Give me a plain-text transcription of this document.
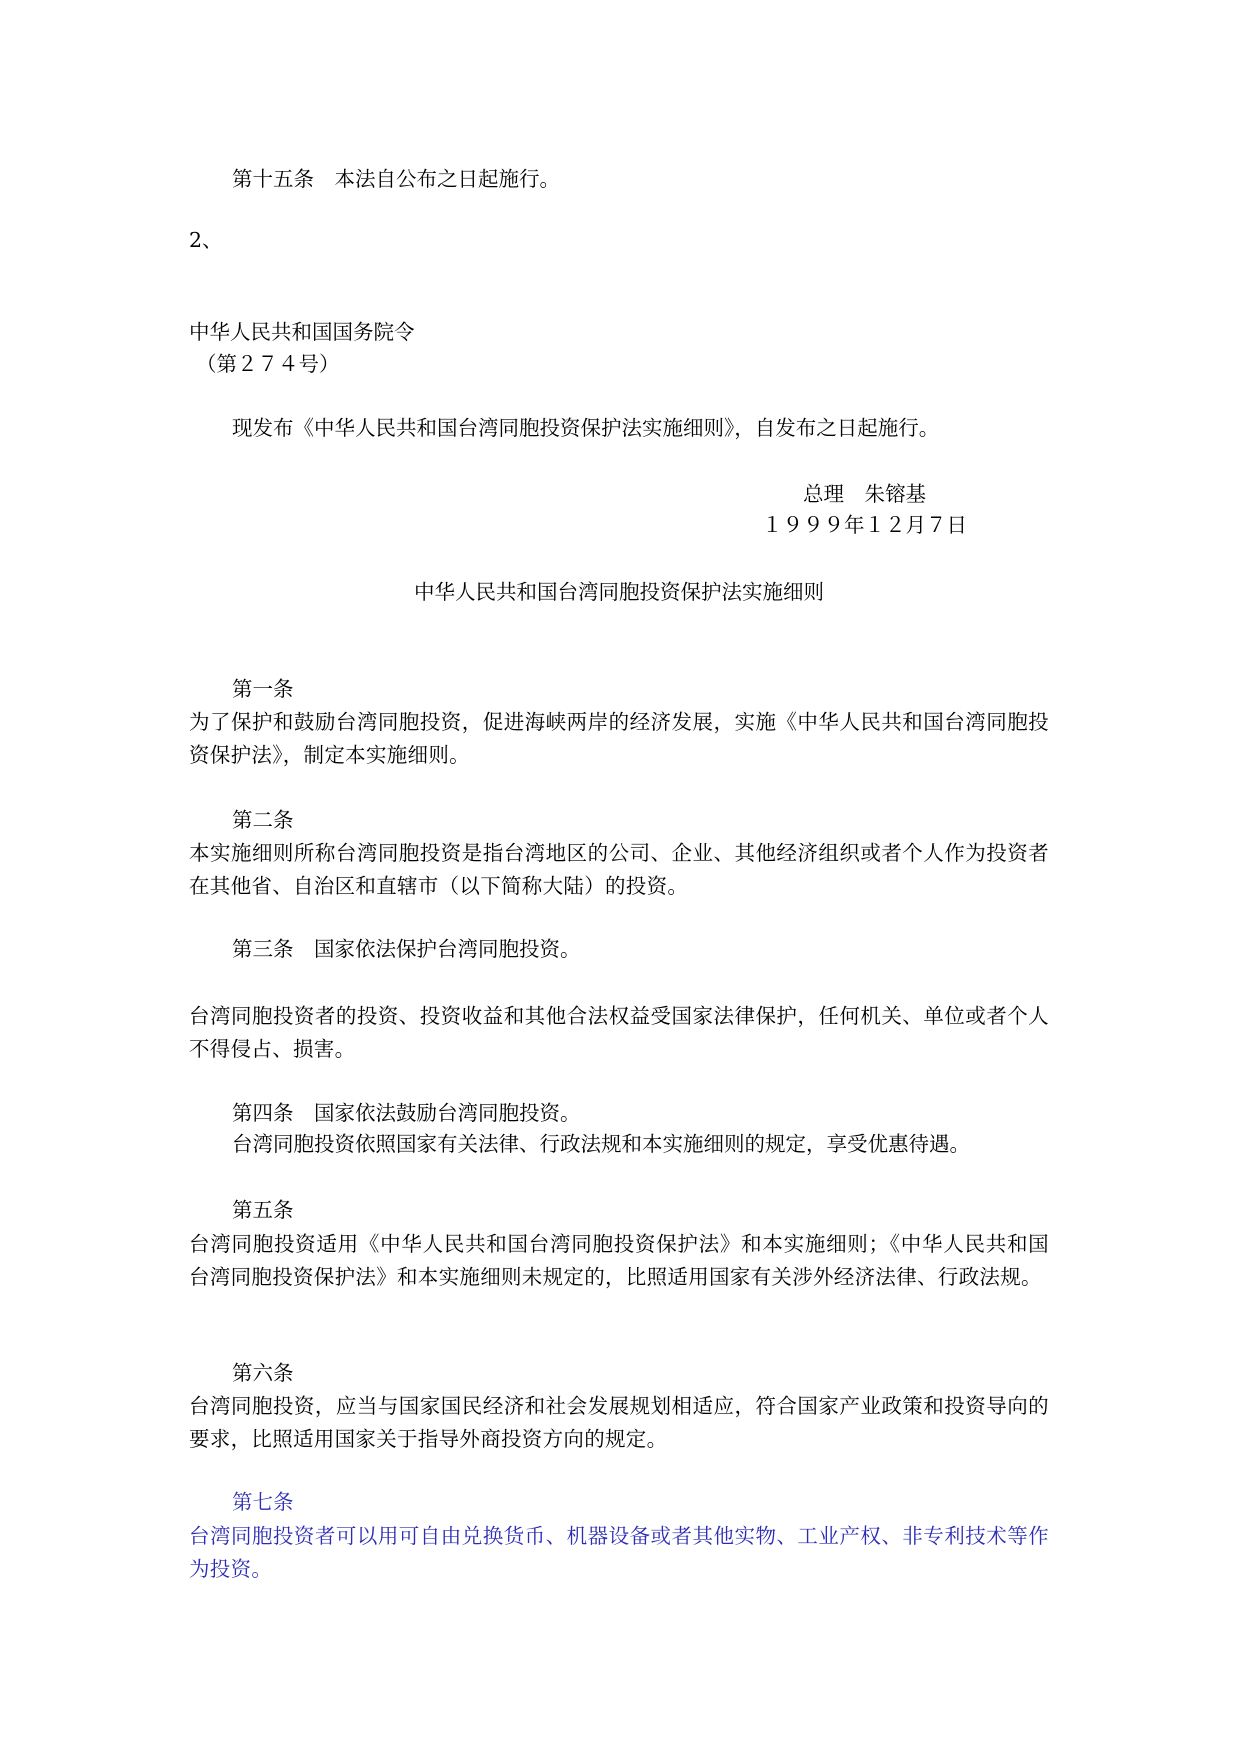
第十五条　本法自公布之日起施行。
2、
中华人民共和国国务院令
（第２７４号）
现发布《中华人民共和国台湾同胞投资保护法实施细则》，自发布之日起施行。
总理　朱镕基
１９９９年１２月７日
中华人民共和国台湾同胞投资保护法实施细则
第一条
为了保护和鼓励台湾同胞投资，促进海峡两岸的经济发展，实施《中华人民共和国台湾同胞投资保护法》，制定本实施细则。
第二条
本实施细则所称台湾同胞投资是指台湾地区的公司、企业、其他经济组织或者个人作为投资者在其他省、自治区和直辖市（以下简称大陆）的投资。
第三条　国家依法保护台湾同胞投资。
台湾同胞投资者的投资、投资收益和其他合法权益受国家法律保护，任何机关、单位或者个人不得侵占、损害。
第四条　国家依法鼓励台湾同胞投资。
台湾同胞投资依照国家有关法律、行政法规和本实施细则的规定，享受优惠待遇。
第五条
台湾同胞投资适用《中华人民共和国台湾同胞投资保护法》和本实施细则；《中华人民共和国台湾同胞投资保护法》和本实施细则未规定的，比照适用国家有关涉外经济法律、行政法规。
第六条
台湾同胞投资，应当与国家国民经济和社会发展规划相适应，符合国家产业政策和投资导向的要求，比照适用国家关于指导外商投资方向的规定。
第七条
台湾同胞投资者可以用可自由兑换货币、机器设备或者其他实物、工业产权、非专利技术等作为投资。
